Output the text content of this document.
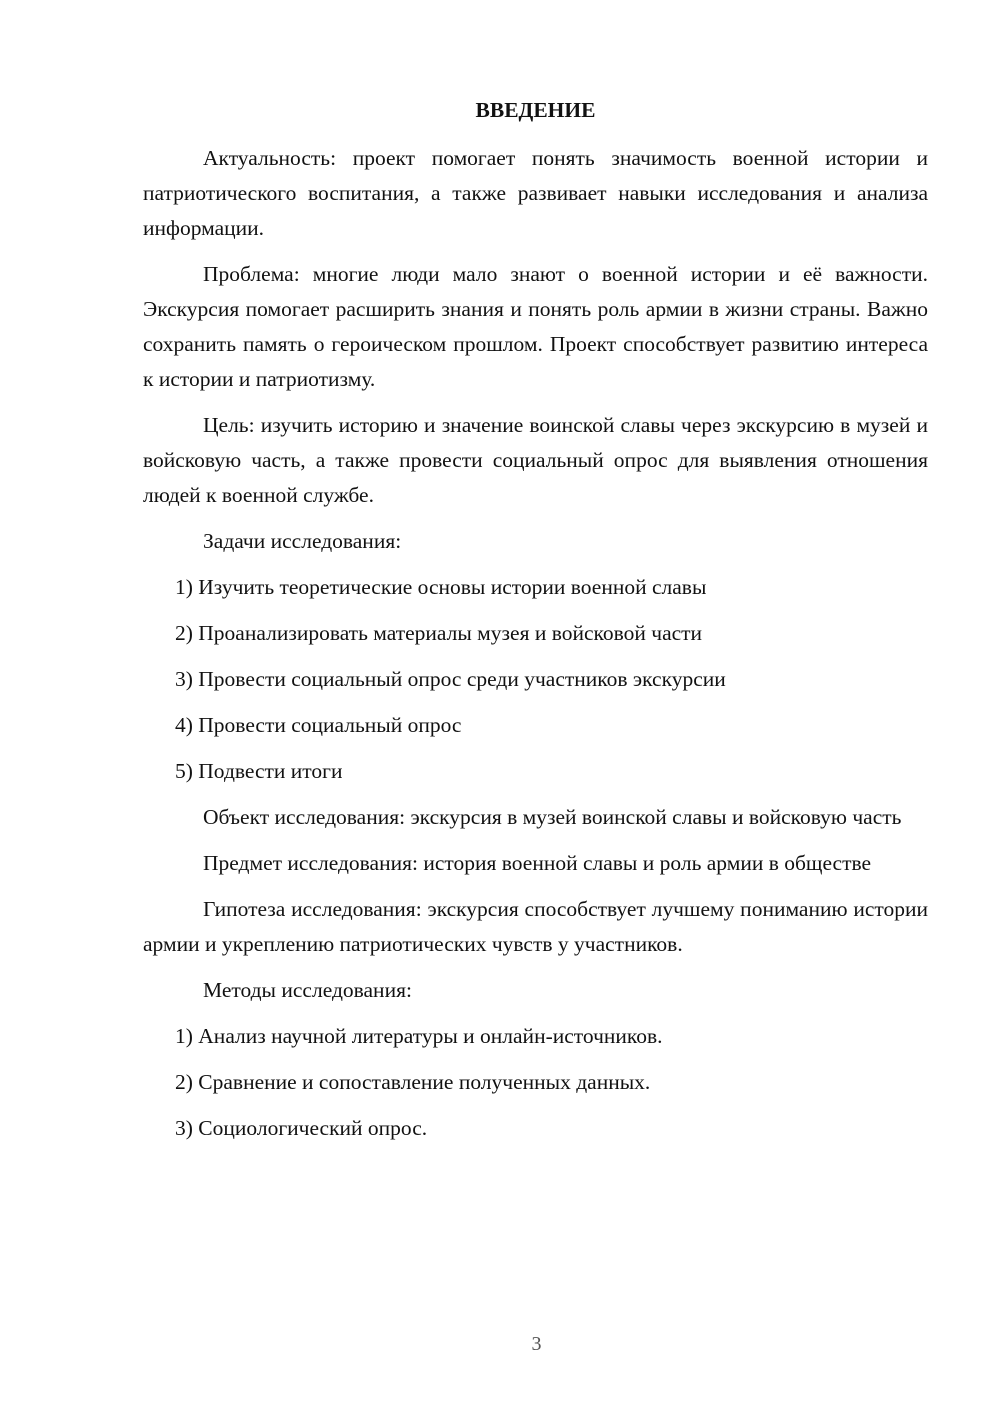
ВВЕДЕНИЕ

Актуальность: проект помогает понять значимость военной истории и патриотического воспитания, а также развивает навыки исследования и анализа информации.

Проблема: многие люди мало знают о военной истории и её важности. Экскурсия помогает расширить знания и понять роль армии в жизни страны. Важно сохранить память о героическом прошлом. Проект способствует развитию интереса к истории и патриотизму.

Цель: изучить историю и значение воинской славы через экскурсию в музей и войсковую часть, а также провести социальный опрос для выявления отношения людей к военной службе.

Задачи исследования:

1) Изучить теоретические основы истории военной славы

2) Проанализировать материалы музея и войсковой части

3) Провести социальный опрос среди участников экскурсии

4) Провести социальный опрос

5) Подвести итоги

Объект исследования: экскурсия в музей воинской славы и войсковую часть

Предмет исследования: история военной славы и роль армии в обществе

Гипотеза исследования: экскурсия способствует лучшему пониманию истории армии и укреплению патриотических чувств у участников.

Методы исследования:

1) Анализ научной литературы и онлайн-источников.

2) Сравнение и сопоставление полученных данных.

3) Социологический опрос.

3
